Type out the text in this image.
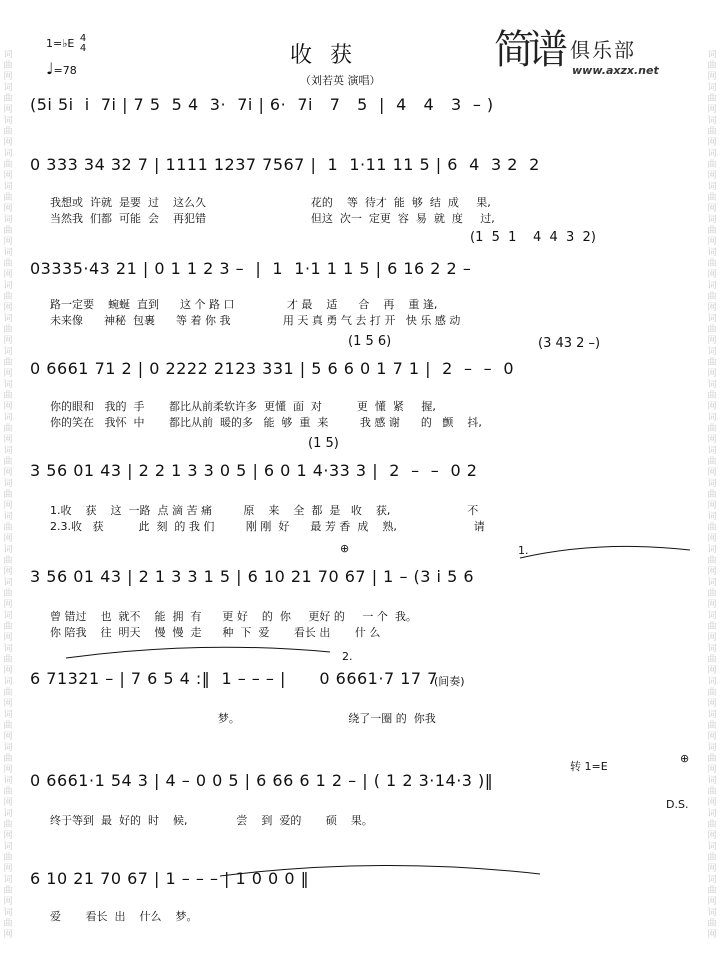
词曲网词曲网词曲网词曲网词曲网词曲网词曲网词曲网词曲网词曲网词曲网词曲网词曲网词曲网词曲网词曲网词曲网词曲网词曲网词曲网词曲网词曲网词曲网词曲网词曲网词曲网词曲网
词曲网词曲网词曲网词曲网词曲网词曲网词曲网词曲网词曲网词曲网词曲网词曲网词曲网词曲网词曲网词曲网词曲网词曲网词曲网词曲网词曲网词曲网词曲网词曲网词曲网词曲网词曲网
1=♭E 4
4
♩=78
收获
（刘若英 演唱）
简谱 俱乐部
www.axzx.net
(5i 5i  i  7i | 7 5  5 4  3·  7i | 6·  7i   7   5  |  4   4   3  – )
0 333 34 32 7 | 1111 1237 7567 |  1  1·11 11 5 | 6  4  3 2  2
我想或  许就  是要  过    这么久                              花的    等  待才  能  够  结  成     果,
当然我  们都  可能  会    再犯错                              但这  次一  定更  容  易  就  度     过,
(1  5  1    4  4  3  2)
03335·43 21 | 0 1 1 2 3 –  |  1  1·1 1 1 5 | 6 16 2 2 –
路一定要    蜿蜒  直到      这 个 路 口               才 最    适      合    再    重 逢,
未来像      神秘  包裹      等 着 你 我               用 天 真 勇 气 去 打 开   快 乐 感 动
(1 5 6)	(3 43 2 –)
0 6661 71 2 | 0 2222 2123 331 | 5 6 6 0 1 7 1 |  2  –  –  0
你的眼和   我的  手       都比从前柔软许多  更懂  面  对          更  懂  紧     握,
你的笑在   我怀  中       都比从前  暖的多   能  够  重  来         我 感 谢      的   颤    抖,
(1 5)
3 56 01 43 | 2 2 1 3 3 0 5 | 6 0 1 4·33 3 |  2  –  –  0 2
1.收    获    这  一路  点 滴 苦 痛         原    来    全  都  是   收    获,                      不
2.3.收   获          此  刻  的 我 们         刚 刚  好      最 芳 香  成    熟,                      请
⊕	1.
3 56 01 43 | 2 1 3 3 1 5 | 6 10 21 70 67 | 1 – (3 i 5 6
曾 错过    也  就不    能  拥  有      更 好    的  你     更好 的     一 个  我。
你 陪我    往  明天    慢  慢  走      种  下  爱       看长 出       什 么
2.
6 71321 – | 7 6 5 4 :‖  1 – – – |      0 6661·7 17 7
(间奏)
梦。                               绕了一圈 的  你我
转 1=E
⊕
0 6661·1 54 3 | 4 – 0 0 5 | 6 66 6 1 2 – | ( 1 2 3·14·3 )‖
D.S.
终于等到  最  好的  时    候,              尝    到  爱的       硕    果。
6 10 21 70 67 | 1 – – – | 1 0 0 0 ‖
爱       看长  出    什么    梦。
